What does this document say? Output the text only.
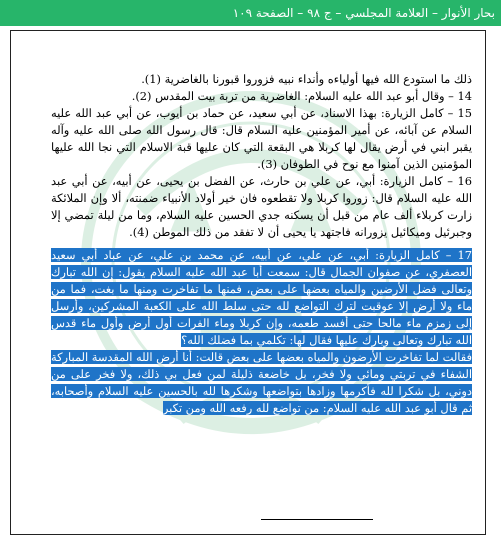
بحار الأنوار – العلامة المجلسي – ج ٩٨ – الصفحة ١٠٩

ذلك ما استودع الله فيها أولياءه وأنداء نبيه فزوروا قبورنا بالغاضرية (1).

14 – وقال أبو عبد الله عليه السلام: الغاضرية من تربة بيت المقدس (2).

15 – كامل الزيارة: بهذا الاسناد، عن أبي سعيد، عن حماد بن أيوب، عن أبي عبد الله عليه السلام عن آبائه، عن أمير المؤمنين عليه السلام قال: قال رسول الله صلى الله عليه وآله يقبر ابني في أرض يقال لها كربلا هي البقعة التي كان عليها قبة الاسلام التي نجا الله عليها المؤمنين الذين آمنوا مع نوح في الطوفان (3).

16 – كامل الزيارة: أبي، عن علي بن حارث، عن الفضل بن يحيى، عن أبيه، عن أبي عبد الله عليه السلام قال: زوروا كربلا ولا تقطعوه فان خير أولاد الأنبياء ضمنته، ألا وإن الملائكة زارت كربلاء ألف عام من قبل أن يسكنه جدي الحسين عليه السلام، وما من ليلة تمضي إلا وجبرئيل وميكائيل يزورانه فاجتهد يا يحيى أن لا تفقد من ذلك الموطن (4).

17 – كامل الزيارة: أبي، عن علي، عن أبيه، عن محمد بن علي، عن عباد أبي سعيد العصفري، عن صفوان الجمال قال: سمعت أبا عبد الله عليه السلام يقول: إن الله تبارك وتعالى فضل الأرضين والمياه بعضها على بعض، فمنها ما تفاخرت ومنها ما بغت، فما من ماء ولا أرض إلا عوقبت لترك التواضع لله حتى سلط الله على الكعبة المشركين، وأرسل إلى زمزم ماء مالحا حتى أفسد طعمه، وإن كربلا وماء الفرات أول أرض وأول ماء قدس الله تبارك وتعالى وبارك عليها فقال لها: تكلمي بما فضلك الله؟

فقالت لما تفاخرت الأرضون والمياه بعضها على بعض قالت: أنا أرض الله المقدسة المباركة الشفاء في تربتي ومائي ولا فخر، بل خاضعة ذليلة لمن فعل بي ذلك، ولا فخر على من دوني، بل شكرا لله فأكرمها وزادها بتواضعها وشكرها لله بالحسين عليه السلام وأصحابه، ثم قال أبو عبد الله عليه السلام: من تواضع لله رفعه الله ومن تكبر
